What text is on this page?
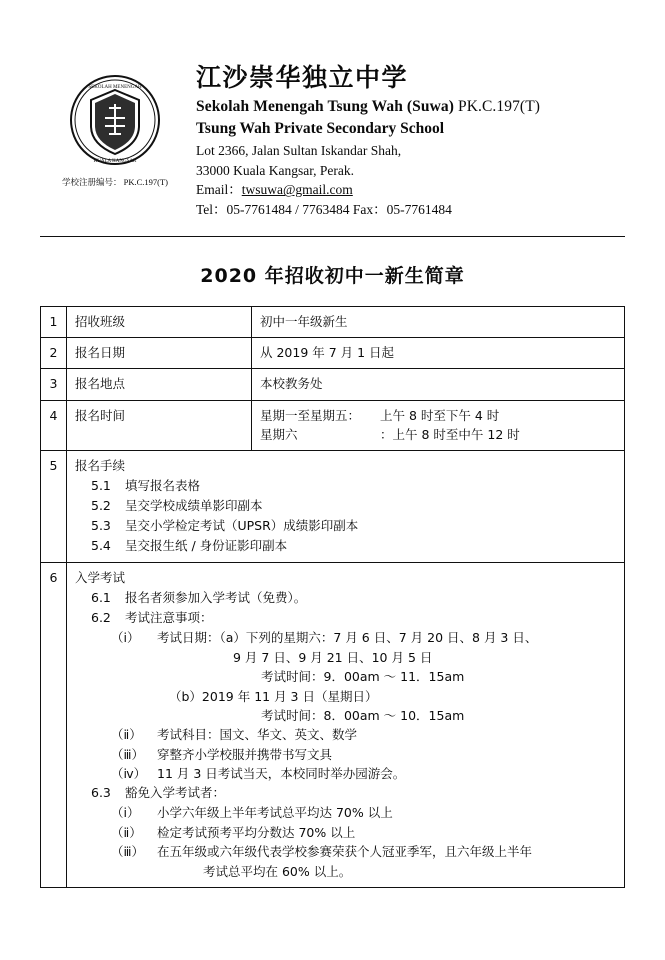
SEKOLAH MENENGAH
KUALA KANGSAR
学校注册编号： PK.C.197(T)
江沙崇华独立中学
Sekolah Menengah Tsung Wah (Suwa) PK.C.197(T)
Tsung Wah Private Secondary School
Lot 2366, Jalan Sultan Iskandar Shah,
33000 Kuala Kangsar, Perak.
Email：twsuwa@gmail.com
Tel：05-7761484 / 7763484 Fax：05-7761484
2020 年招收初中一新生简章
1	招收班级	初中一年级新生
2	报名日期	从 2019 年 7 月 1 日起
3	报名地点	本校教务处
4	报名时间	星期一至星期五： 上午 8 时至下午 4 时
星期六 ：上午 8 时至中午 12 时

5	报名手续
5.1	填写报名表格
5.2	呈交学校成绩单影印副本
5.3	呈交小学检定考试（UPSR）成绩影印副本
5.4	呈交报生纸 / 身份证影印副本

6	入学考试
6.1	报名者须参加入学考试（免费）。
6.2	考试注意事项：
（ⅰ）	考试日期：（a）下列的星期六：7 月 6 日、7 月 20 日、8 月 3 日、
9 月 7 日、9 月 21 日、10 月 5 日
考试时间：9．00am ～ 11．15am
（b）2019 年 11 月 3 日（星期日）
考试时间：8．00am ～ 10．15am
（ⅱ）	考试科目：国文、华文、英文、数学
（ⅲ）	穿整齐小学校服并携带书写文具
（ⅳ） 11 月 3 日考试当天，本校同时举办园游会。
6.3	豁免入学考试者：
（ⅰ）	小学六年级上半年考试总平均达 70% 以上
（ⅱ）	检定考试预考平均分数达 70% 以上
（ⅲ）	在五年级或六年级代表学校参赛荣获个人冠亚季军，且六年级上半年
考试总平均在 60% 以上。
